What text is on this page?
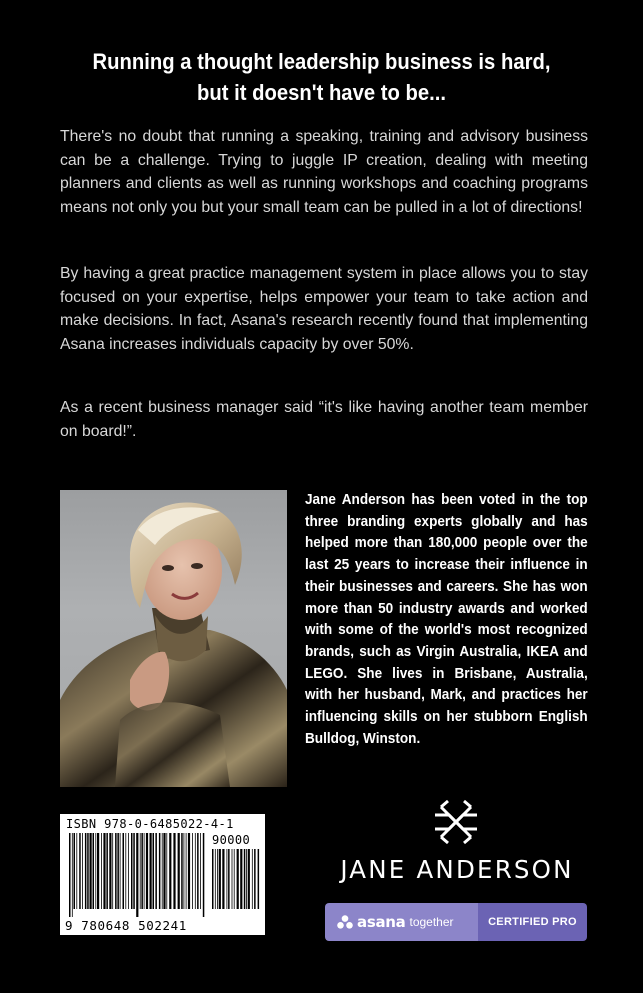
Running a thought leadership business is hard,
but it doesn't have to be...
There's no doubt that running a speaking, training and advisory business
can be a challenge. Trying to juggle IP creation, dealing with meeting
planners and clients as well as running workshops and coaching programs
means not only you but your small team can be pulled in a lot of directions!
By having a great practice management system in place allows you to stay
focused on your expertise, helps empower your team to take action and
make decisions. In fact, Asana's research recently found that implementing
Asana increases individuals capacity by over 50%.
As a recent business manager said “it's like having another team member
on board!”.
Jane Anderson has been voted in the top
three branding experts globally and has
helped more than 180,000 people over the
last 25 years to increase their influence in
their businesses and careers. She has won
more than 50 industry awards and worked
with some of the world's most recognized
brands, such as Virgin Australia, IKEA and
LEGO. She lives in Brisbane, Australia,
with her husband, Mark, and practices her
influencing skills on her stubborn English
Bulldog, Winston.
ISBN 978-0-6485022-4-1
90000
9 780648 502241
JANE ANDERSON
asana together	CERTIFIED PRO
